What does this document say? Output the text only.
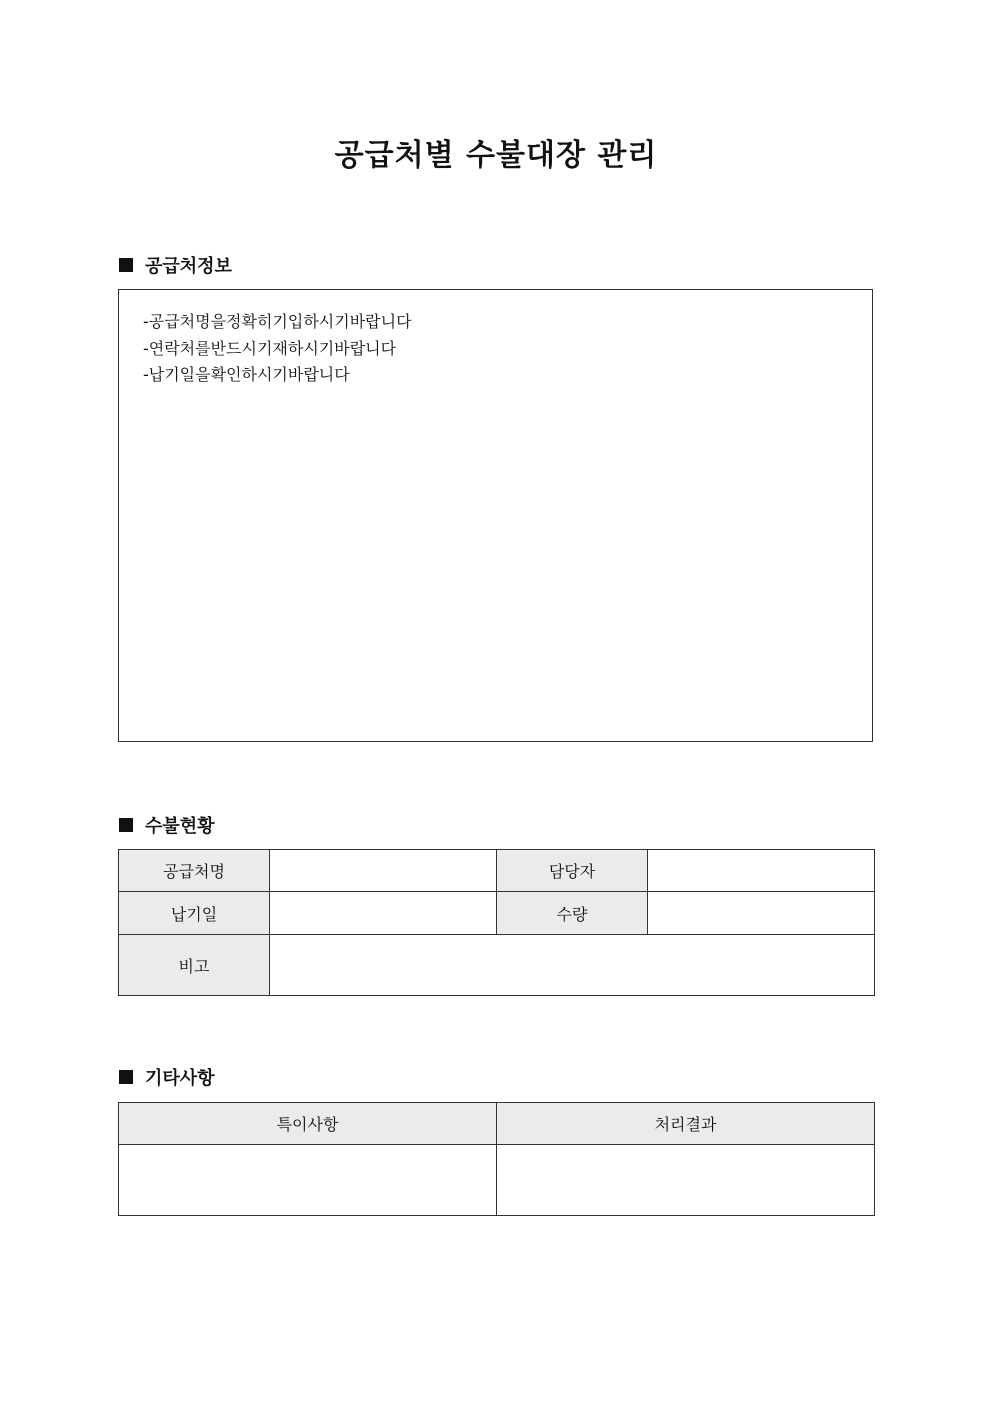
공급처별 수불대장 관리
공급처정보
-공급처명을정확히기입하시기바랍니다
-연락처를반드시기재하시기바랍니다
-납기일을확인하시기바랍니다
수불현황
공급처명		담당자	
납기일		수량	
비고			
기타사항
특이사항	처리결과
